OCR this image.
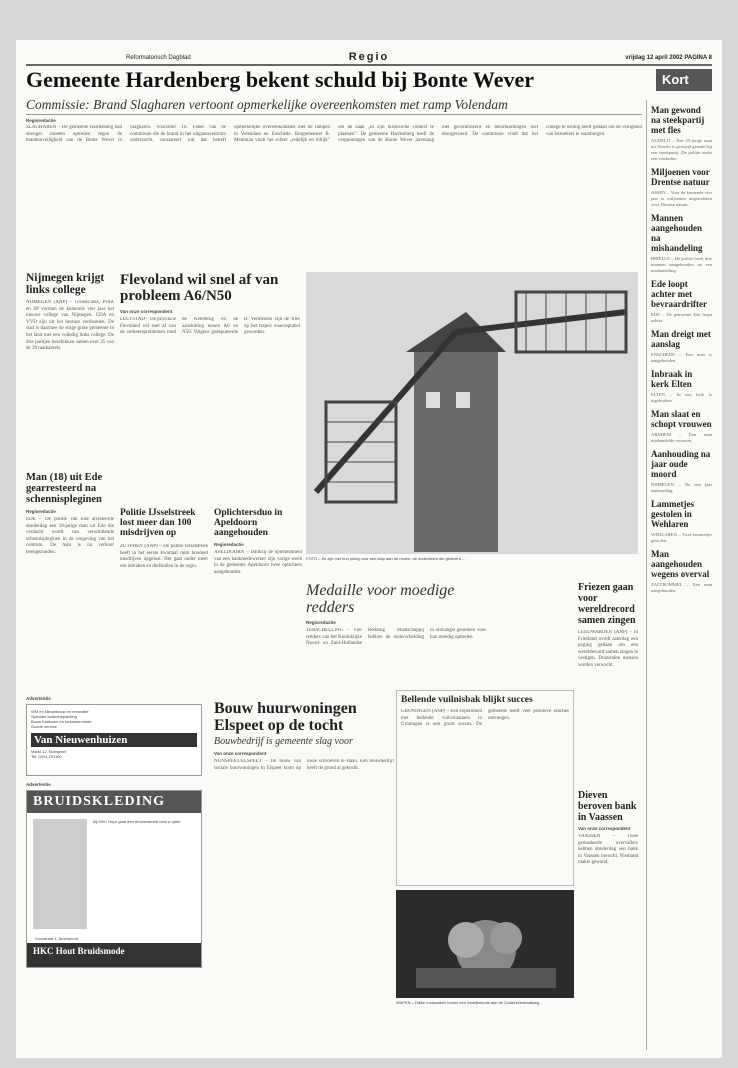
Reformatorisch Dagblad	Regio	vrijdag 12 april 2002 PAGINA 8
Gemeente Hardenberg bekent schuld bij Bonte Wever	Kort
Commissie: Brand Slagharen vertoont opmerkelijke overeenkomsten met ramp Volendam
Regioredactie
SLAGHAREN – De gemeente Hardenberg had strenger moeten optreden tegen de brandonveiligheid van de Bonte Wever in Slagharen. Voorzitter Th. Faber van de commissie die de brand in het uitgaanscentrum onderzocht, constateert wat dat betreft opmerkelijke overeenkomsten met de rampen in Volendam en Enschede. Burgemeester B. Meulman vindt het echter „redelijk en billijk” om de zaak „in zijn historische context te plaatsen”. De gemeente Hardenberg heeft de vergunningen van de Bonte Wever jarenlang niet gecontroleerd en tekortkomingen niet doorgevoerd. De commissie vindt dat het college te weinig heeft gedaan om de veiligheid van bezoekers te waarborgen.
Nijmegen krijgt links college
NIJMEGEN (ANP) – GroenLinks, PvdA en SP vormen de komende vier jaar het nieuwe college van Nijmegen. CDA en VVD zijn uit het bestuur verdwenen. De stad is daarmee de enige grote gemeente in het land met een volledig links college. De drie partijen beschikken samen over 25 van de 39 raadszetels.
Man (18) uit Ede gearresteerd na schennispleginen
Regioredactie
EDE – De politie van Ede arresteerde donderdag een 18-jarige man uit Ede die verdacht wordt van verschillende schennispleginen in de omgeving van het centrum. De man is na verhoor heengezonden.
Flevoland wil snel af van probleem A6/N50
Van onze correspondent
LELYSTAD – De provincie Flevoland wil snel af van de verkeersproblemen rond de Ketelbrug en de aansluiting tussen A6 en N50. Volgens gedeputeerde B. Vermeulen zijn de files op het traject onacceptabel geworden.
Politie IJsselstreek lost meer dan 100 misdrijven op
ZUTPHEN (ANP) – De politie IJsselstreek heeft in het eerste kwartaal ruim honderd misdrijven opgelost. Het gaat onder meer om inbraken en diefstallen in de regio.
Oplichtersduo in Apeldoorn aangehouden
Regioredactie
APELDOORN – Dankzij de oplettendheid van een bankmedewerker zijn vorige week in de gemeente Apeldoorn twee oplichters aangehouden.
FOTO – Ze zijn met hun ploeg voor een klap aan de molen, de onderdelen die geleverd ...
Medaille voor moedige redders
Regioredactie
TERSCHELLING – Vier redders van het Koninklijke Noord- en Zuid-Hollandse Redding Maatschappij hebben de onderscheiding in ontvangst genomen voor hun moedig optreden.
Bellende vuilnisbak blijkt succes
GRONINGEN (ANP) – Een experiment met bellende vuilcontainers in Groningen is een groot succes. De gemeente heeft veel positieve reacties ontvangen.
Advertentie
WM en Nieuwbouw en renovatie
Speciale buitenbeplanting
Bouw Kantoren en Industrieruimte
Goede service
Van Nieuwenhuizen
Markt 12, Nunspeet
Tel. 0341-251100
Advertentie
BRUIDSKLEDING
Bij HKC Huys gaat een droomwereld voor u open
HKC Hout Bruidsmode
Voorstraat 1, Amersfoort
Bouw huurwoningen Elspeet op de tocht
Bouwbedrijf is gemeente slag voor
Van onze correspondent
NUNSPEET/ELSPEET – De bouw van sociale huurwoningen in Elspeet komt op losse schroeven te staan. Een bouwbedrijf heeft de grond al gekocht.
WAPEN – Dikke rookwolken boven een bedrijfsloods aan de Zuiderzeestraatweg...
Friezen gaan voor wereldrecord samen zingen
LEEUWARDEN (ANP) – In Friesland wordt zaterdag een poging gedaan om een wereldrecord samen zingen te vestigen. Duizenden mensen worden verwacht.
Dieven beroven bank in Vaassen
Van onze correspondent
VAASSEN – Twee gemaskerde overvallers hebben donderdag een bank in Vaassen beroofd. Niemand raakte gewond.
Man gewond na steekpartij met fles
ALMELO – Een 25-jarige man uit Almelo is gewond geraakt bij een steekpartij. De politie zoekt een verdachte.
Miljoenen voor Drentse natuur
ASSEN – Voor de komende vier jaar is miljoenen uitgetrokken voor Drentse natuur.
Mannen aangehouden na mishandeling
BRIELLE – De politie heeft drie mannen aangehouden na een mishandeling.
Ede loopt achter met bevraardrifter
EDE – De gemeente Ede loopt achter.
Man dreigt met aanslag
ENSCHEDE – Een man is aangehouden.
Inbraak in kerk Elten
ELTEN – In een kerk is ingebroken.
Man slaat en schopt vrouwen
ARNHEM – Een man mishandelde vrouwen.
Aanhouding na jaar oude moord
NIJMEGEN – Na een jaar aanhouding.
Lammetjes gestolen in Wehlaren
WEHLAREN – Twee lammetjes gestolen.
Man aangehouden wegens overval
ZALTBOMMEL – Een man aangehouden.
